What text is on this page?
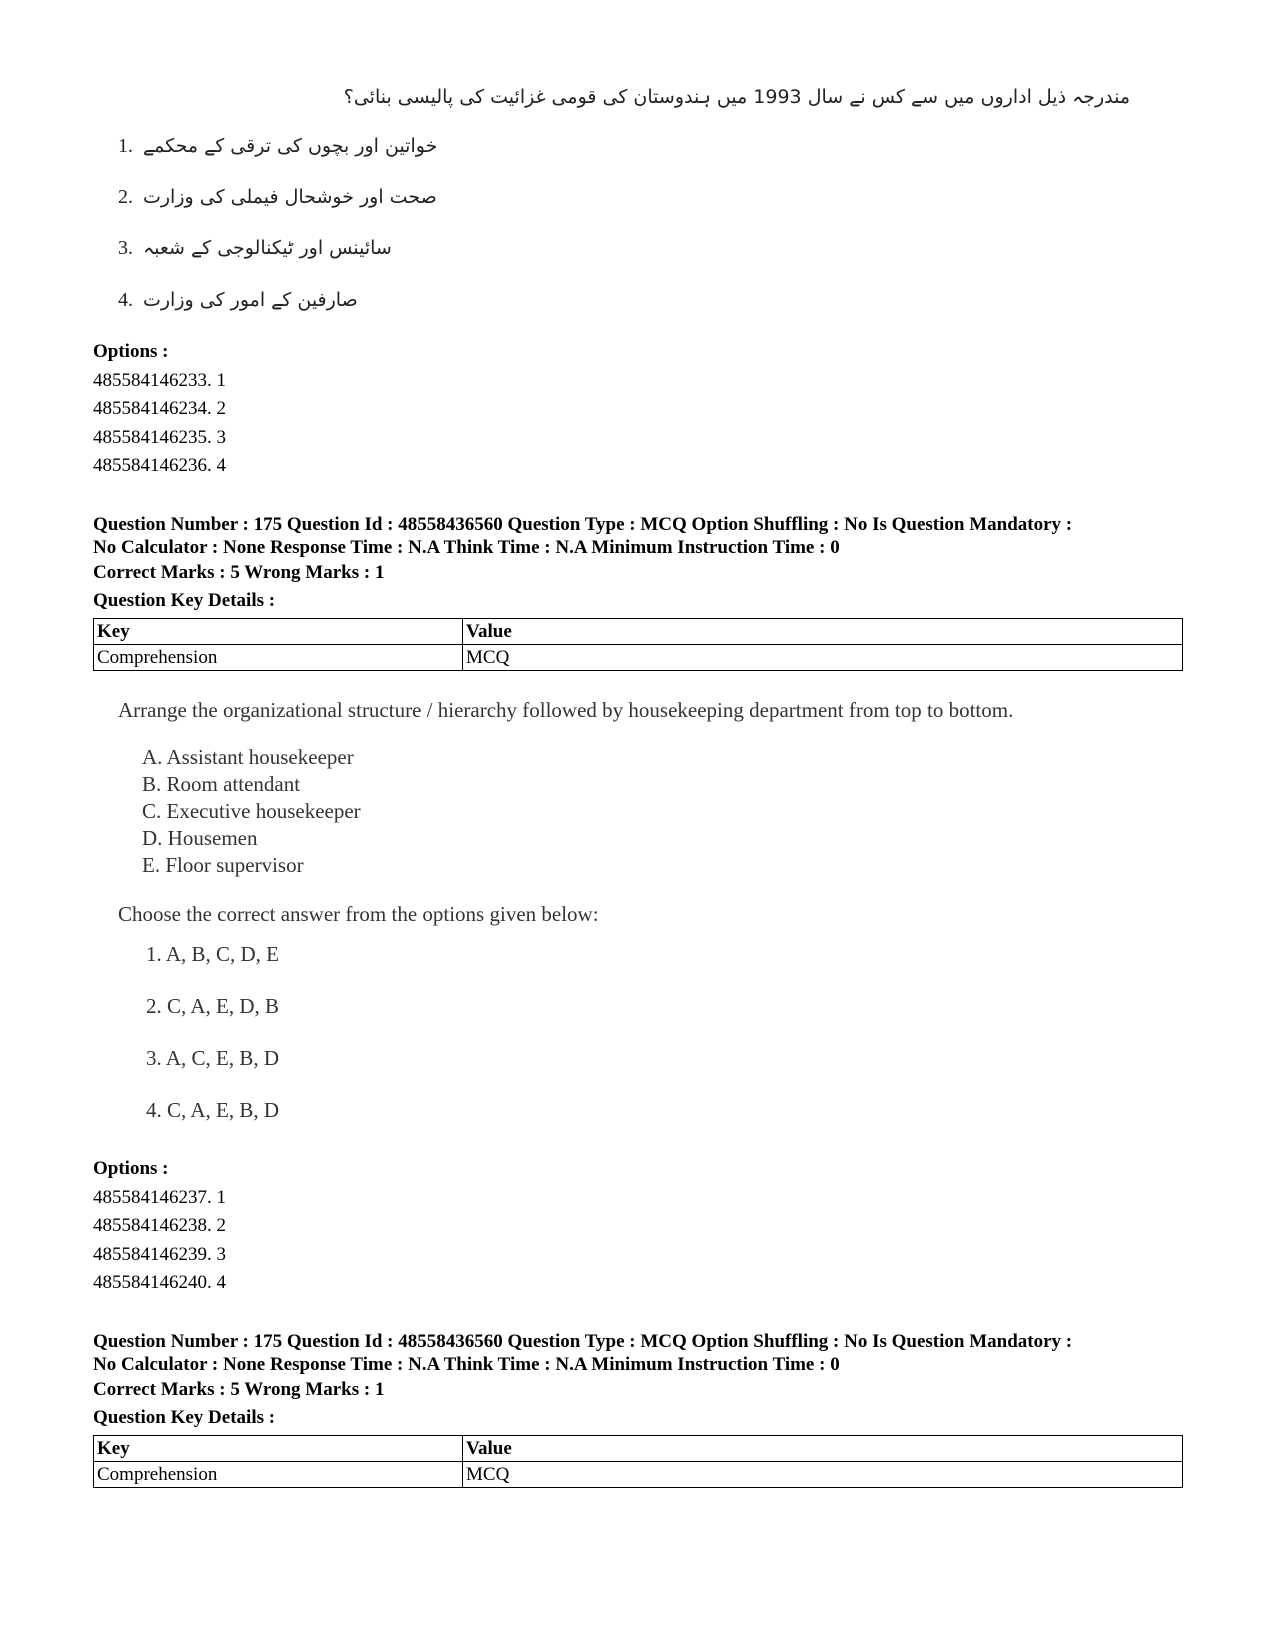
مندرجہ ذیل اداروں میں سے کس نے سال 1993 میں ہندوستان کی قومی غزائیت کی پالیسی بنائی؟
1. خواتین اور بچوں کی ترقی کے محکمے
2. صحت اور خوشحال فیملی کی وزارت
3. سائینس اور ٹیکنالوجی کے شعبہ
4. صارفین کے امور کی وزارت
Options :
485584146233. 1
485584146234. 2
485584146235. 3
485584146236. 4
Question Number : 175 Question Id : 48558436560 Question Type : MCQ Option Shuffling : No Is Question Mandatory :
No Calculator : None Response Time : N.A Think Time : N.A Minimum Instruction Time : 0
Correct Marks : 5 Wrong Marks : 1
Question Key Details :
Key	Value
Comprehension	MCQ
Arrange the organizational structure / hierarchy followed by housekeeping department from top to bottom.
A. Assistant housekeeper
B. Room attendant
C. Executive housekeeper
D. Housemen
E. Floor supervisor
Choose the correct answer from the options given below:
1. A, B, C, D, E
2. C, A, E, D, B
3. A, C, E, B, D
4. C, A, E, B, D
Options :
485584146237. 1
485584146238. 2
485584146239. 3
485584146240. 4
Question Number : 175 Question Id : 48558436560 Question Type : MCQ Option Shuffling : No Is Question Mandatory :
No Calculator : None Response Time : N.A Think Time : N.A Minimum Instruction Time : 0
Correct Marks : 5 Wrong Marks : 1
Question Key Details :
Key	Value
Comprehension	MCQ
